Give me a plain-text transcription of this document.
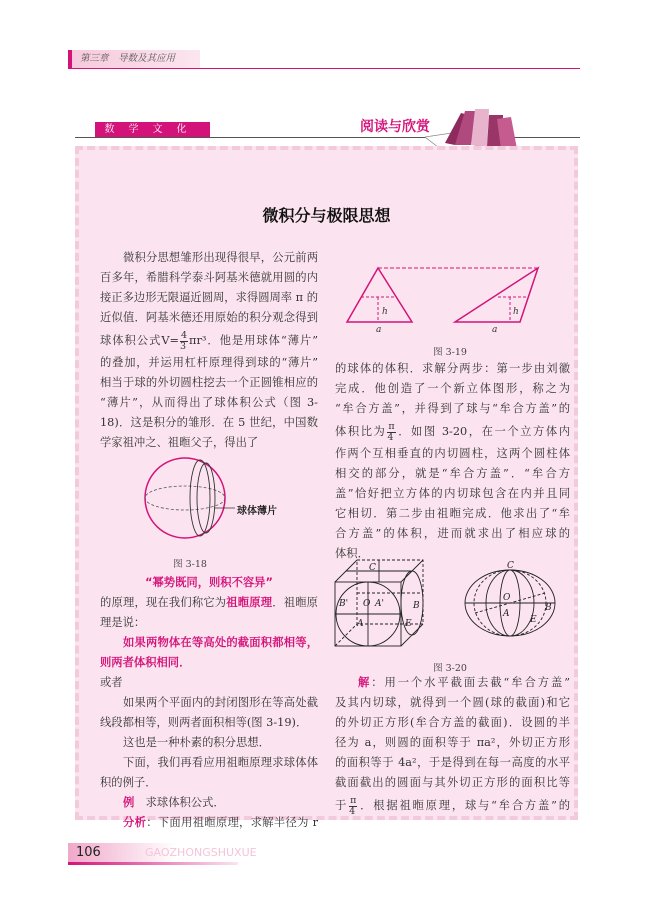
第三章　导数及其应用
数学文化	阅读与欣赏
微积分与极限思想
微积分思想雏形出现得很早，公元前两
百多年，希腊科学泰斗阿基米德就用圆的内
接正多边形无限逼近圆周，求得圆周率 π 的
近似值．阿基米德还用原始的积分观念得到
球体积公式$V= \frac{4}{3} \pi r^3$．他是用球体“薄片”
的叠加，并运用杠杆原理得到球的“薄片”
相当于球的外切圆柱挖去一个正圆锥相应的
“薄片”，从而得出了球体积公式（图 3-
18)．这是积分的雏形．在 5 世纪，中国数
学家祖冲之、祖暅父子，得出了
球体薄片
图 3-18
“幂势既同，则积不容异”
的原理，现在我们称它为祖暅原理．祖暅原
理是说：
如果两物体在等高处的截面积都相等，
则两者体积相同．
或者
如果两个平面内的封闭图形在等高处截
线段都相等，则两者面积相等(图 3-19)．
这也是一种朴素的积分思想．
下面，我们再看应用祖暅原理求球体体
积的例子．
例　求球体积公式．
分析：下面用祖暅原理，求解半径为 r
h	h
a	a
图 3-19
的球体的体积．求解分两步：第一步由刘徽
完成．他创造了一个新立体图形，称之为
“牟合方盖”，并得到了球与“牟合方盖”的
体积比为 $\frac{\pi}{4}$ ．如图 3-20，在一个立方体内
作两个互相垂直的内切圆柱，这两个圆柱体
相交的部分，就是“牟合方盖”．“牟合方
盖”恰好把立方体的内切球包含在内并且同
它相切．第二步由祖暅完成．他求出了“牟
合方盖”的体积，进而就求出了相应球的
体积．
C
O A'
B'
A
B
E
C
O
A
B
E
图 3-20
解：用一个水平截面去截“牟合方盖”
及其内切球，就得到一个圆(球的截面)和它
的外切正方形(牟合方盖的截面)．设圆的半
径为 a，则圆的面积等于 πa²，外切正方形
的面积等于 4a²，于是得到在每一高度的水平
截面截出的圆面与其外切正方形的面积比等
于 $\frac{\pi}{4}$ ．根据祖暅原理，球与“牟合方盖”的
106	GAOZHONGSHUXUE
